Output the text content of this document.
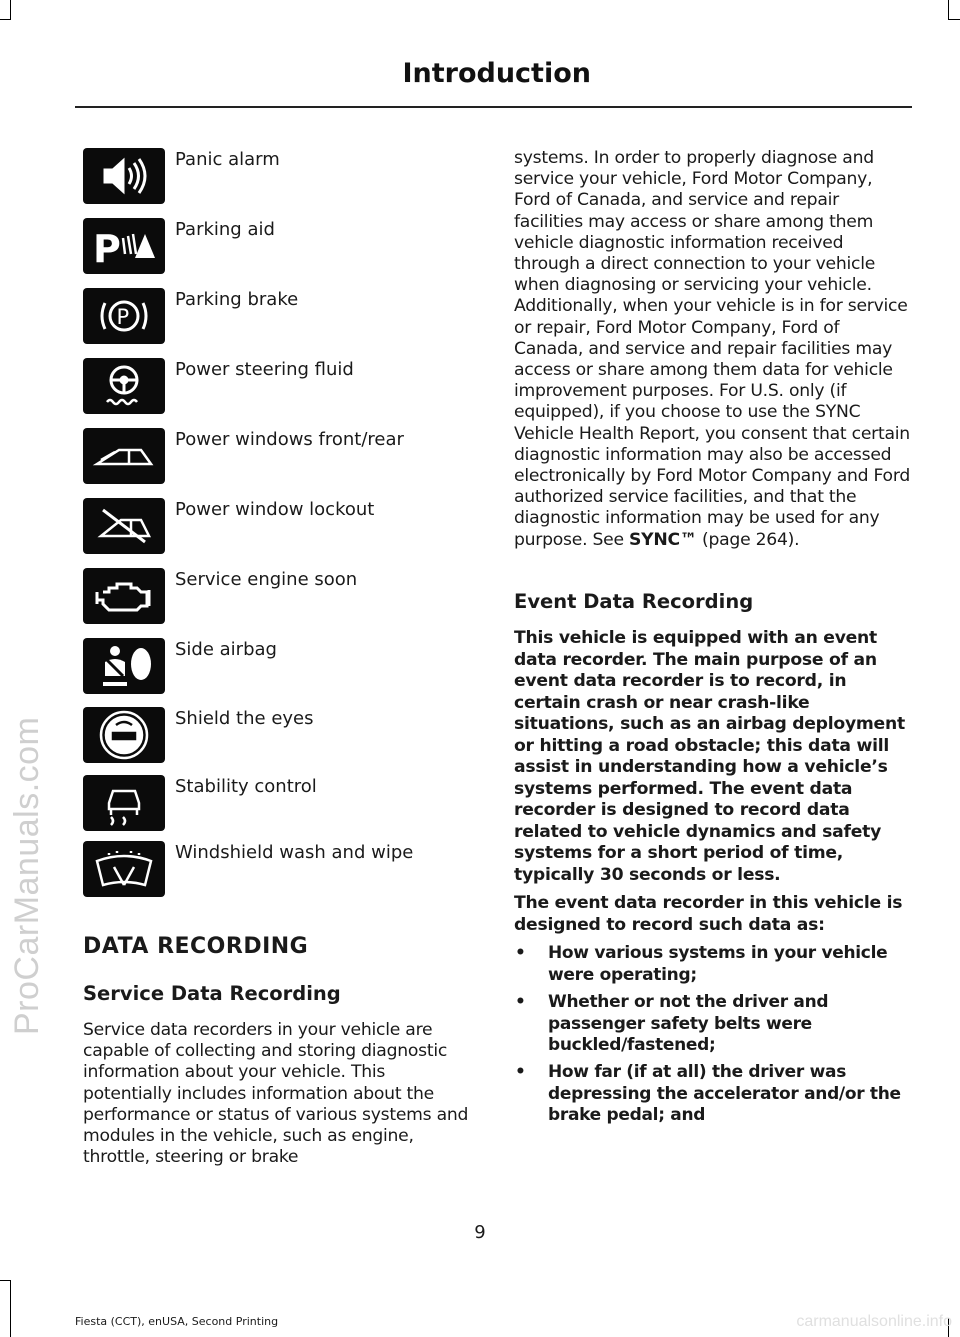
ProCarManuals.com
Introduction
Panic alarm
P	Parking aid
P
Parking brake
Power steering fluid
Power windows front/rear
Power window lockout
Service engine soon
Side airbag
Shield the eyes
Stability control
Windshield wash and wipe
DATA RECORDING
Service Data Recording
Service data recorders in your vehicle are capable of collecting and storing diagnostic information about your vehicle. This potentially includes information about the performance or status of various systems and modules in the vehicle, such as engine, throttle, steering or brake
systems. In order to properly diagnose and service your vehicle, Ford Motor Company, Ford of Canada, and service and repair facilities may access or share among them vehicle diagnostic information received through a direct connection to your vehicle when diagnosing or servicing your vehicle. Additionally, when your vehicle is in for service or repair, Ford Motor Company, Ford of Canada, and service and repair facilities may access or share among them data for vehicle improvement purposes. For U.S. only (if equipped), if you choose to use the SYNC Vehicle Health Report, you consent that certain diagnostic information may also be accessed electronically by Ford Motor Company and Ford authorized service facilities, and that the diagnostic information may be used for any purpose. See SYNC™ (page 264).
Event Data Recording
This vehicle is equipped with an event data recorder. The main purpose of an event data recorder is to record, in certain crash or near crash-like situations, such as an airbag deployment or hitting a road obstacle; this data will assist in understanding how a vehicle’s systems performed. The event data recorder is designed to record data related to vehicle dynamics and safety systems for a short period of time, typically 30 seconds or less.
The event data recorder in this vehicle is designed to record such data as:
• How various systems in your vehicle were operating;
• Whether or not the driver and passenger safety belts were buckled/fastened;
• How far (if at all) the driver was depressing the accelerator and/or the brake pedal; and
9
Fiesta (CCT), enUSA, Second Printing	carmanualsonline.info
